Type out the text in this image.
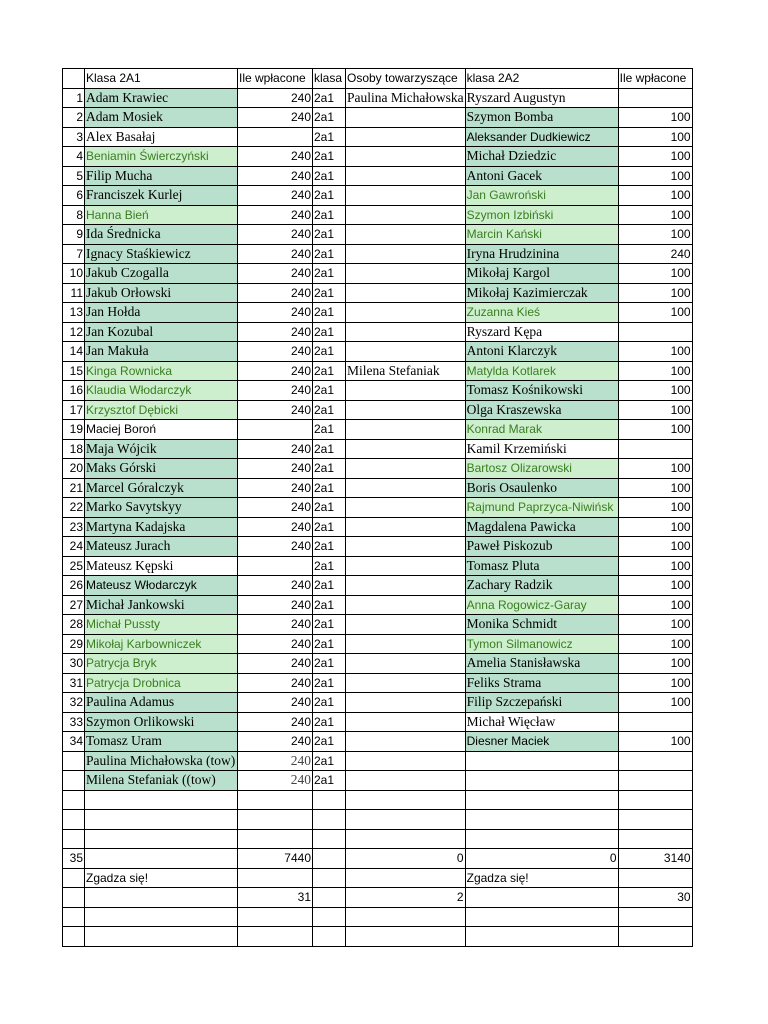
	Klasa 2A1	Ile wpłacone	klasa	Osoby towarzyszące	klasa 2A2	Ile wpłacone
1	Adam Krawiec	240	2a1	Paulina Michałowska	Ryszard Augustyn	
2	Adam Mosiek	240	2a1		Szymon Bomba	100
3	Alex Basałaj		2a1		Aleksander Dudkiewicz	100
4	Beniamin Świerczyński	240	2a1		Michał Dziedzic	100
5	Filip Mucha	240	2a1		Antoni Gacek	100
6	Franciszek Kurlej	240	2a1		Jan Gawroński	100
8	Hanna Bień	240	2a1		Szymon Izbiński	100
9	Ida Średnicka	240	2a1		Marcin Kański	100
7	Ignacy Staśkiewicz	240	2a1		Iryna Hrudzinina	240
10	Jakub Czogalla	240	2a1		Mikołaj Kargol	100
11	Jakub Orłowski	240	2a1		Mikołaj Kazimierczak	100
13	Jan Hołda	240	2a1		Zuzanna Kieś	100
12	Jan Kozubal	240	2a1		Ryszard Kępa	
14	Jan Makuła	240	2a1		Antoni Klarczyk	100
15	Kinga Rownicka	240	2a1	Milena Stefaniak	Matylda Kotlarek	100
16	Klaudia Włodarczyk	240	2a1		Tomasz Kośnikowski	100
17	Krzysztof Dębicki	240	2a1		Olga Kraszewska	100
19	Maciej Boroń		2a1		Konrad Marak	100
18	Maja Wójcik	240	2a1		Kamil Krzemiński	
20	Maks Górski	240	2a1		Bartosz Olizarowski	100
21	Marcel Góralczyk	240	2a1		Boris Osaulenko	100
22	Marko Savytskyy	240	2a1		Rajmund Paprzyca-Niwińsk	100
23	Martyna Kadajska	240	2a1		Magdalena Pawicka	100
24	Mateusz Jurach	240	2a1		Paweł Piskozub	100
25	Mateusz Kępski		2a1		Tomasz Pluta	100
26	Mateusz Włodarczyk	240	2a1		Zachary Radzik	100
27	Michał Jankowski	240	2a1		Anna Rogowicz-Garay	100
28	Michał Pussty	240	2a1		Monika Schmidt	100
29	Mikołaj Karbowniczek	240	2a1		Tymon Silmanowicz	100
30	Patrycja Bryk	240	2a1		Amelia Stanisławska	100
31	Patrycja Drobnica	240	2a1		Feliks Strama	100
32	Paulina Adamus	240	2a1		Filip Szczepański	100
33	Szymon Orlikowski	240	2a1		Michał Więcław	
34	Tomasz Uram	240	2a1		Diesner Maciek	100
	Paulina Michałowska (tow)	240	2a1			
	Milena Stefaniak ((tow)	240	2a1			

35		7440		0	0	3140
	Zgadza się!				Zgadza się!	
		31		2		30
